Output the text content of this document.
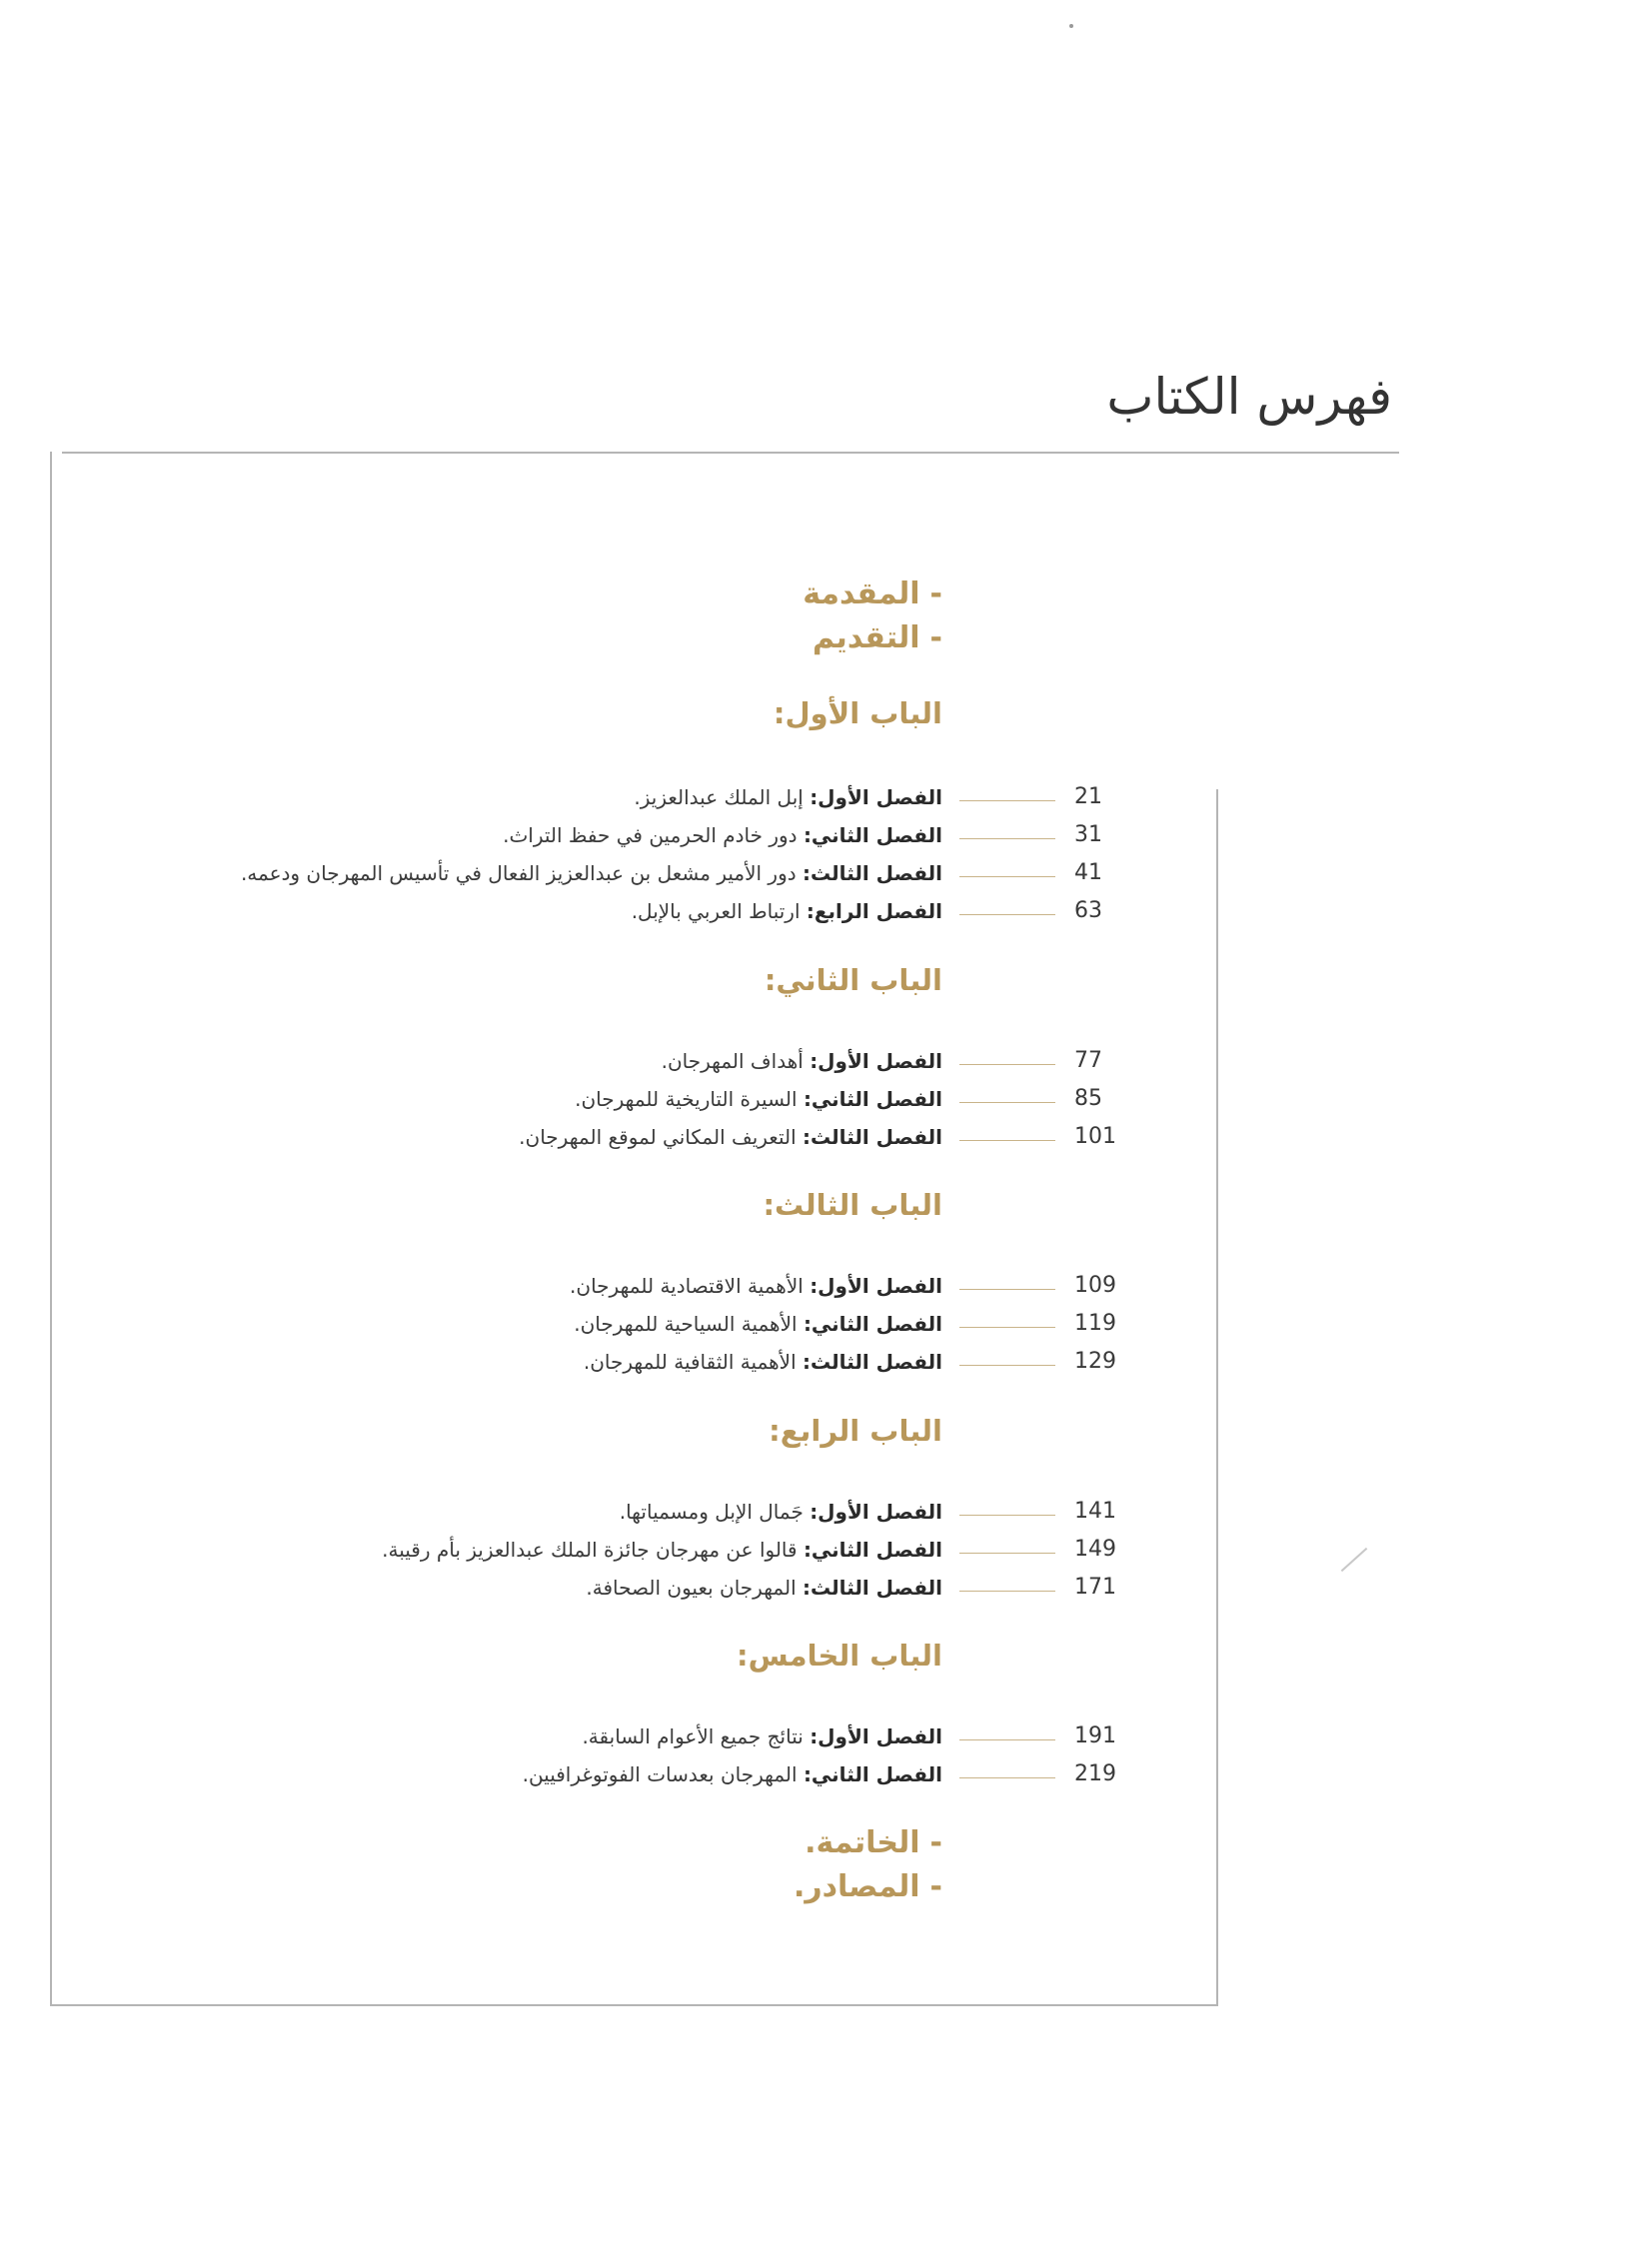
فهرس الكتاب
-المقدمة
-التقديم
الباب الأول:
الفصل الأول: إبل الملك عبدالعزيز.	21
الفصل الثاني: دور خادم الحرمين في حفظ التراث.	31
الفصل الثالث: دور الأمير مشعل بن عبدالعزيز الفعال في تأسيس المهرجان ودعمه.	41
الفصل الرابع: ارتباط العربي بالإبل.	63
الباب الثاني:
الفصل الأول: أهداف المهرجان.	77
الفصل الثاني: السيرة التاريخية للمهرجان.	85
الفصل الثالث: التعريف المكاني لموقع المهرجان.	101
الباب الثالث:
الفصل الأول: الأهمية الاقتصادية للمهرجان.	109
الفصل الثاني: الأهمية السياحية للمهرجان.	119
الفصل الثالث: الأهمية الثقافية للمهرجان.	129
الباب الرابع:
الفصل الأول: جَمال الإبل ومسمياتها.	141
الفصل الثاني: قالوا عن مهرجان جائزة الملك عبدالعزيز بأم رقيبة.	149
الفصل الثالث: المهرجان بعيون الصحافة.	171
الباب الخامس:
الفصل الأول: نتائج جميع الأعوام السابقة.	191
الفصل الثاني: المهرجان بعدسات الفوتوغرافيين.	219
-الخاتمة.
-المصادر.
